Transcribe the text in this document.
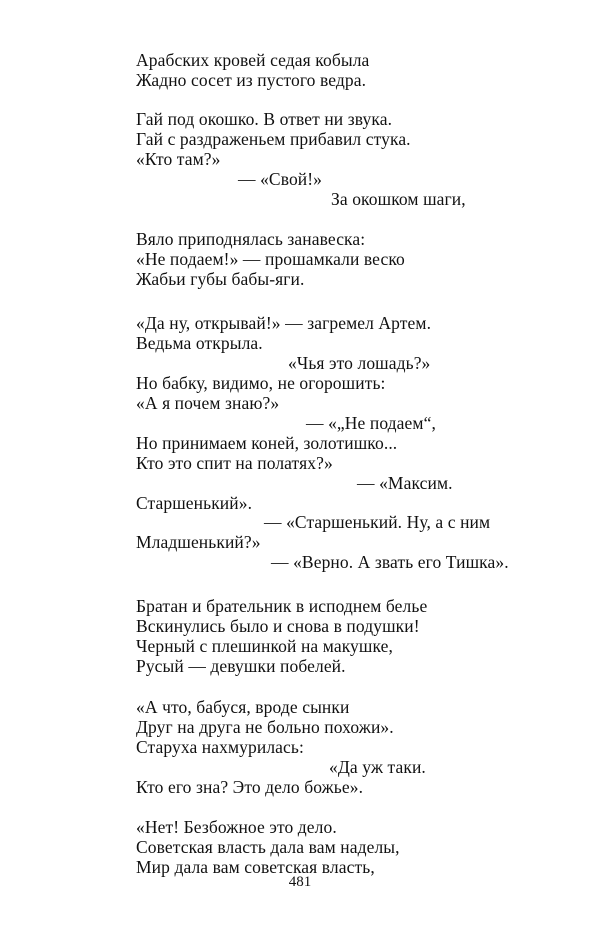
Арабских кровей седая кобыла
Жадно сосет из пустого ведра.
Гай под окошко. В ответ ни звука.
Гай с раздраженьем прибавил стука.
«Кто там?»
— «Свой!»
За окошком шаги,
Вяло приподнялась занавеска:
«Не подаем!» — прошамкали веско
Жабьи губы бабы-яги.
«Да ну, открывай!» — загремел Артем.
Ведьма открыла.
«Чья это лошадь?»
Но бабку, видимо, не огорошить:
«А я почем знаю?»
— «„Не подаем“,
Но принимаем коней, золотишко...
Кто это спит на полатях?»
— «Максим.
Старшенький».
— «Старшенький. Ну, а с ним
Младшенький?»
— «Верно. А звать его Тишка».
Братан и брательник в исподнем белье
Вскинулись было и снова в подушки!
Черный с плешинкой на макушке,
Русый — девушки побелей.
«А что, бабуся, вроде сынки
Друг на друга не больно похожи».
Старуха нахмурилась:
«Да уж таки.
Кто его зна? Это дело божье».
«Нет! Безбожное это дело.
Советская власть дала вам наделы,
Мир дала вам советская власть,
481
